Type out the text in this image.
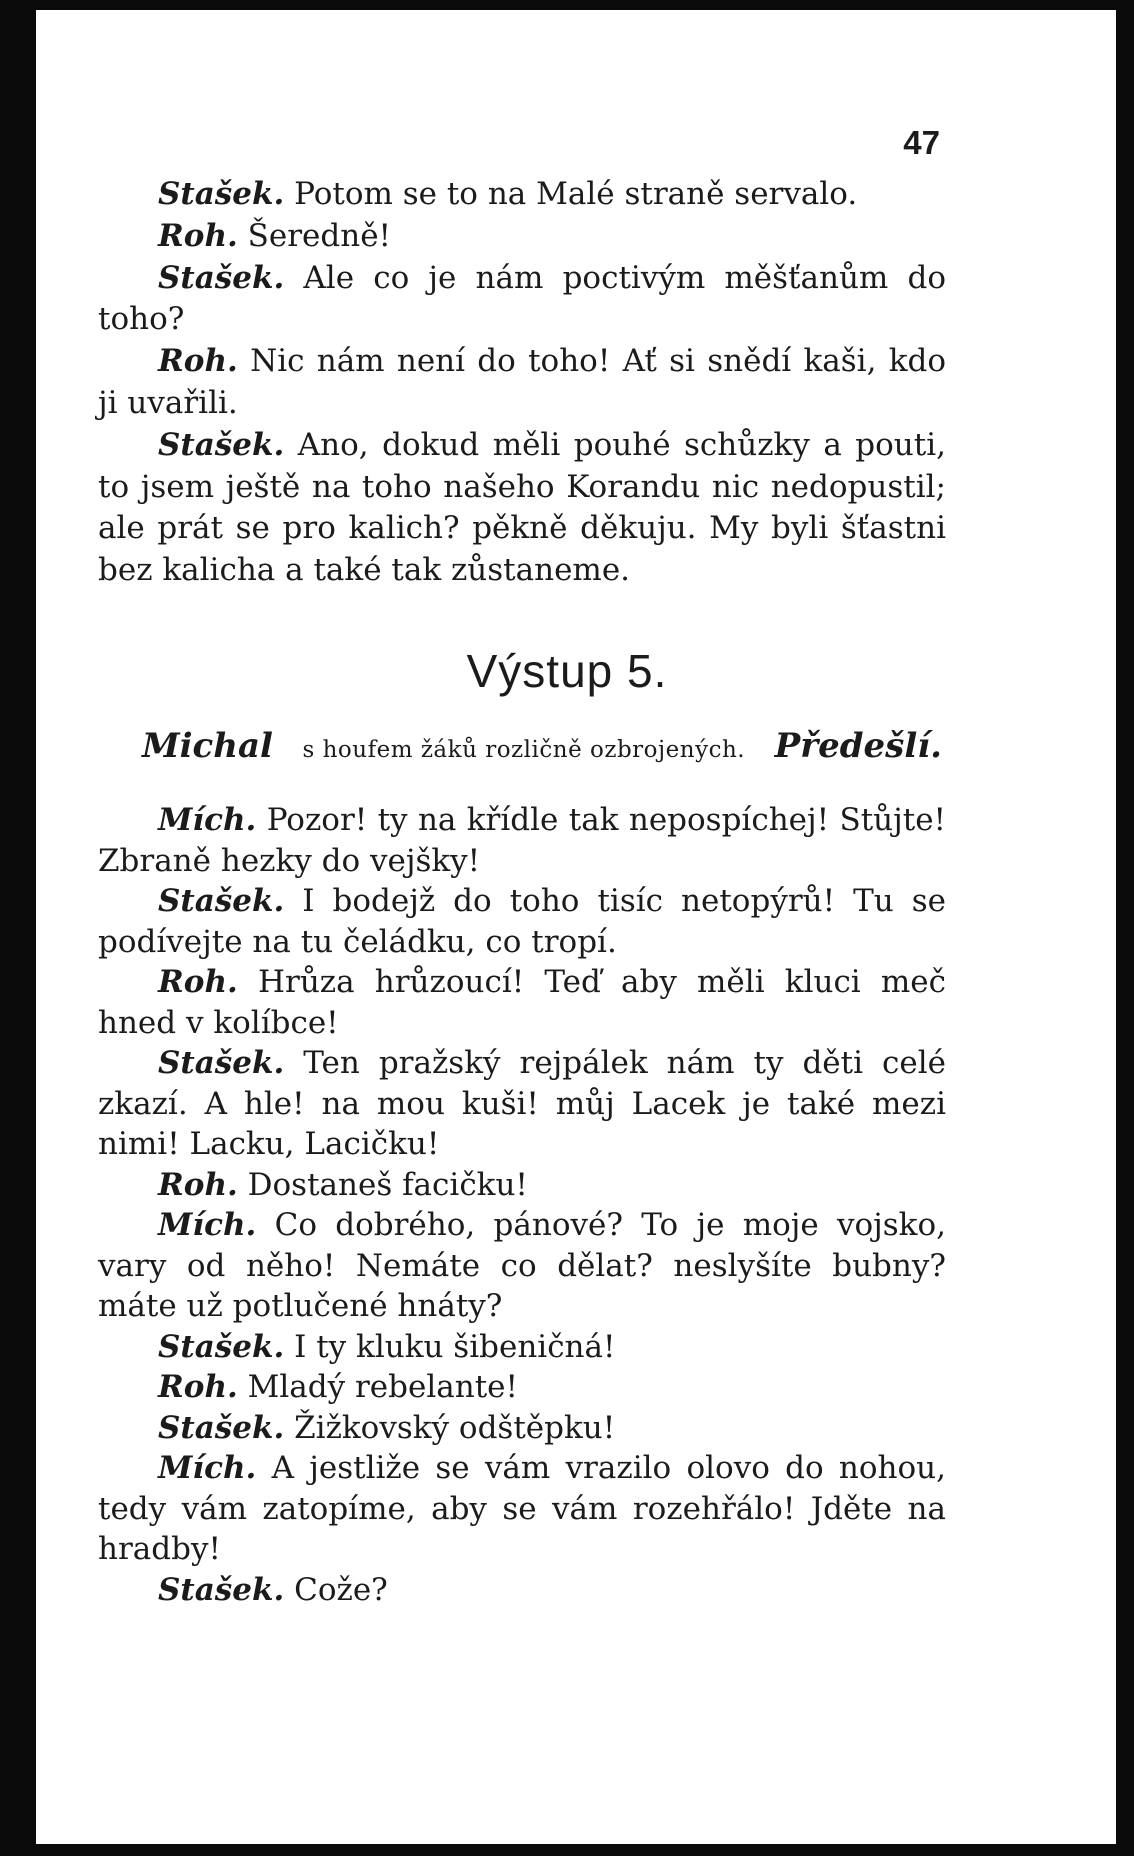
47

Stašek. Potom se to na Malé straně servalo.

Roh. Šeredně!

Stašek. Ale co je nám poctivým měšťanům do toho?

Roh. Nic nám není do toho! Ať si snědí kaši, kdo ji uvařili.

Stašek. Ano, dokud měli pouhé schůzky a pouti, to jsem ještě na toho našeho Korandu nic nedopustil; ale prát se pro kalich? pěkně děkuju. My byli šťastni bez kalicha a také tak zůstaneme.

Výstup 5.
Michal s houfem žáků rozličně ozbrojených. Předešlí.

Mích. Pozor! ty na křídle tak nepospíchej! Stůjte! Zbraně hezky do vejšky!

Stašek. I bodejž do toho tisíc netopýrů! Tu se podívejte na tu čeládku, co tropí.

Roh. Hrůza hrůzoucí! Teď aby měli kluci meč hned v kolíbce!

Stašek. Ten pražský rejpálek nám ty děti celé zkazí. A hle! na mou kuši! můj Lacek je také mezi nimi! Lacku, Lacičku!

Roh. Dostaneš facičku!

Mích. Co dobrého, pánové? To je moje vojsko, vary od něho! Nemáte co dělat? neslyšíte bubny? máte už potlučené hnáty?

Stašek. I ty kluku šibeničná!

Roh. Mladý rebelante!

Stašek. Žižkovský odštěpku!

Mích. A jestliže se vám vrazilo olovo do nohou, tedy vám zatopíme, aby se vám rozehřálo! Jděte na hradby!

Stašek. Cože?
